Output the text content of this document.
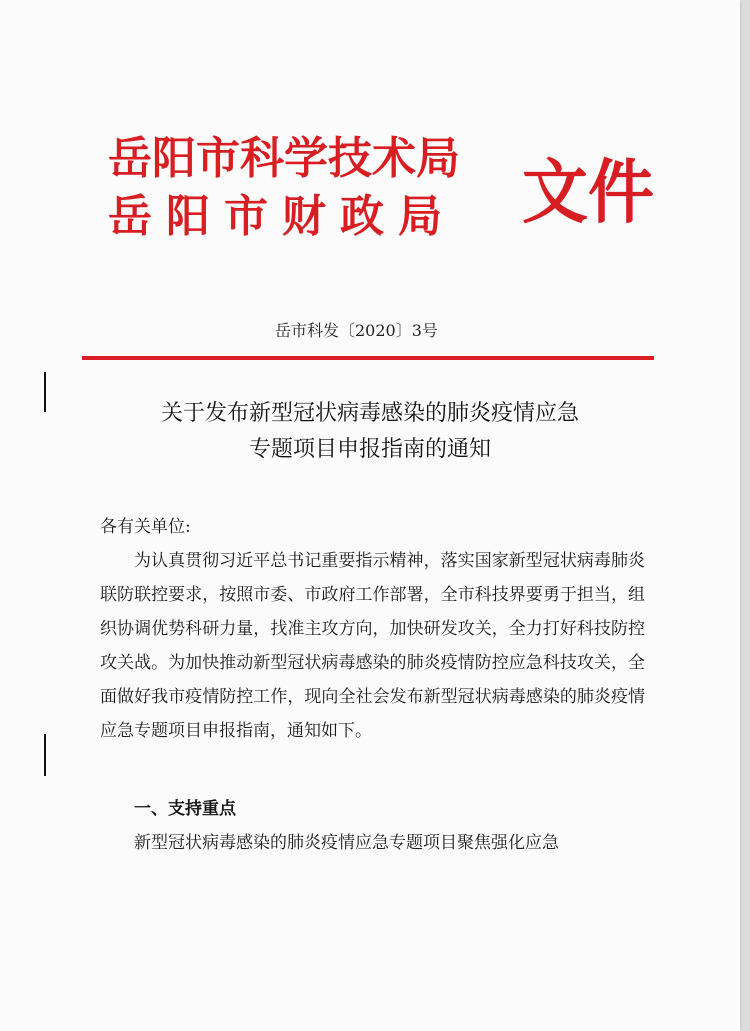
岳阳市科学技术局
岳阳市财政局 文件
岳市科发〔2020〕3号
关于发布新型冠状病毒感染的肺炎疫情应急
专题项目申报指南的通知
各有关单位:
为认真贯彻习近平总书记重要指示精神，落实国家新型冠状病毒肺炎联防联控要求，按照市委、市政府工作部署，全市科技界要勇于担当，组织协调优势科研力量，找准主攻方向，加快研发攻关，全力打好科技防控攻关战。为加快推动新型冠状病毒感染的肺炎疫情防控应急科技攻关，全面做好我市疫情防控工作，现向全社会发布新型冠状病毒感染的肺炎疫情应急专题项目申报指南，通知如下。
一、支持重点
新型冠状病毒感染的肺炎疫情应急专题项目聚焦强化应急
